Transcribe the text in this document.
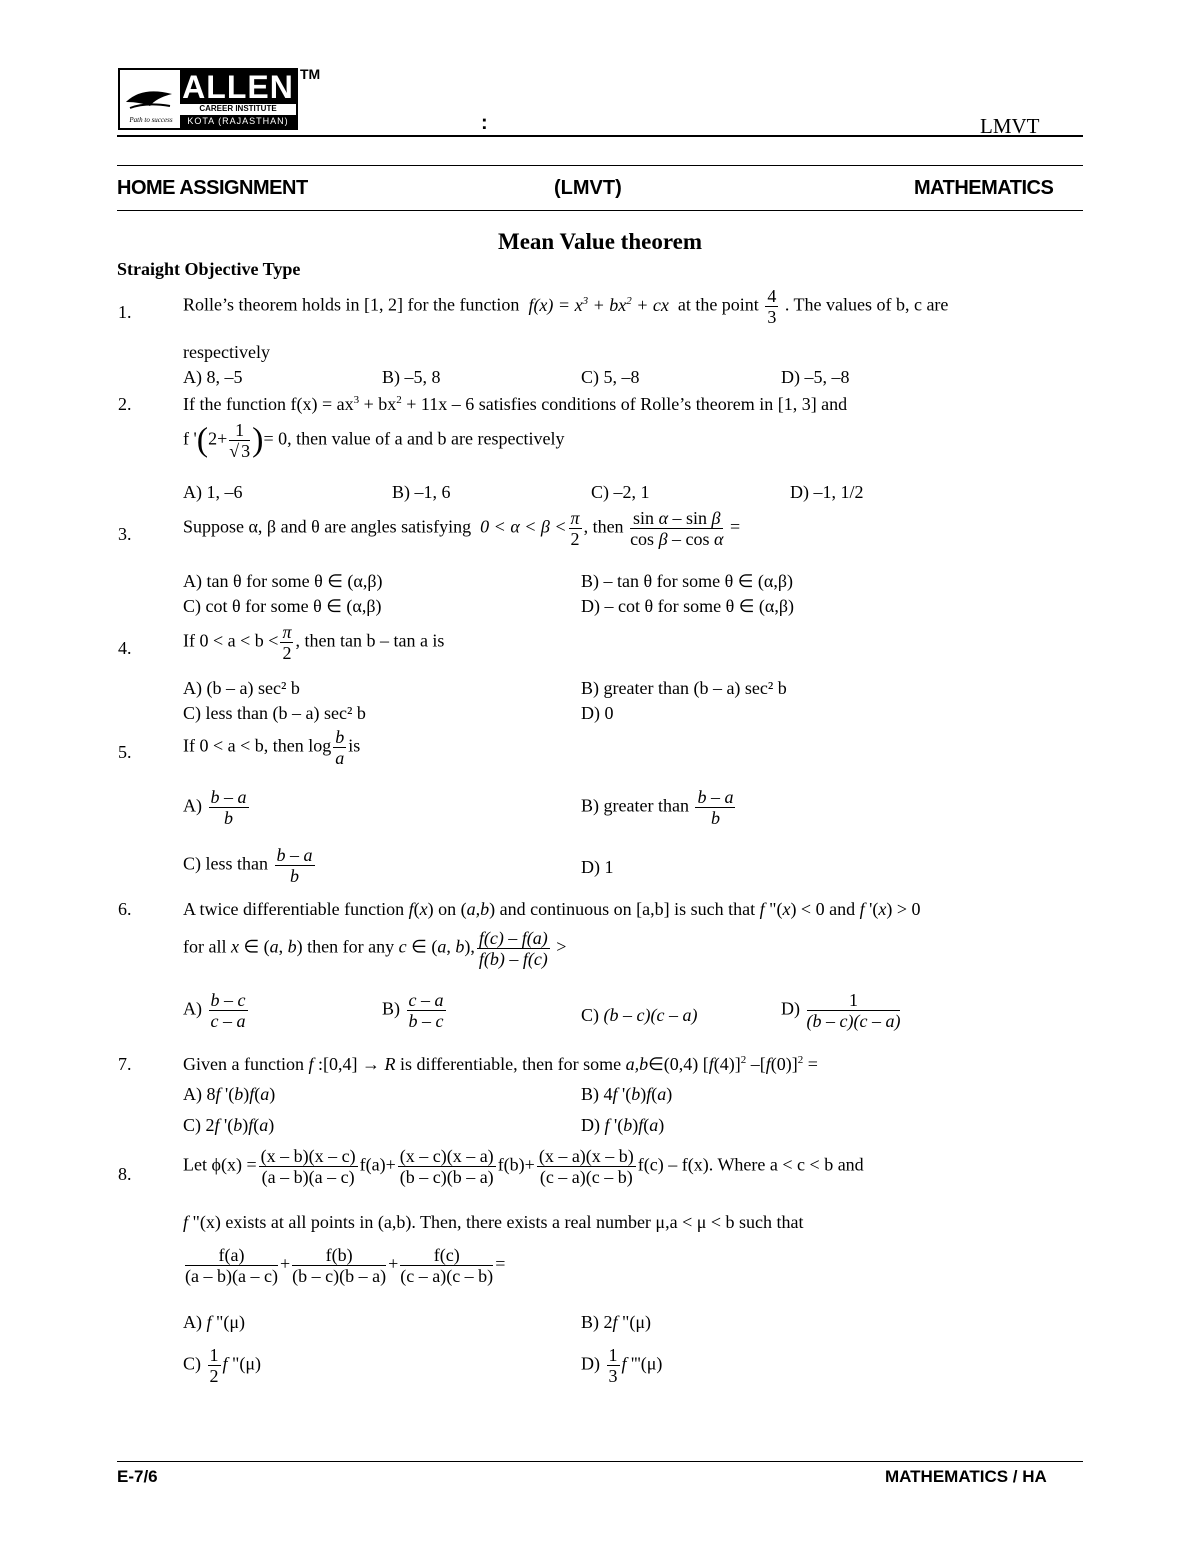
ALLEN
CAREER INSTITUTE
KOTA (RAJASTHAN)
Path to success
TM
:	LMVT
HOME ASSIGNMENT	(LMVT)	MATHEMATICS
Mean Value theorem
Straight Objective Type
1.	Rolle’s theorem holds in [1, 2] for the function  $f(x) = x^3 + bx^2$ + cx  at the point $\frac{4}{3}$ . The values of b, c are
respectively
A) 8, –5	B) –5, 8	C) 5, –8	D) –5, –8
2.	If the function $f(x) = ax^3 + bx^2 + 11x - 6$ satisfies conditions of Rolle’s theorem in [1, 3] and
f '($2+ \frac{1}{√ 3}$ )= 0, then value of a and b are respectively
A) 1, –6	B) –1, 6	C) –2, 1	D) –1, 1/2
3.	Suppose α, β and θ are angles satisfying  $0 < \alpha < \beta < \frac{\pi}{2}$ , then $\frac{\text{sin α – sin β}}{\text{cos β – cos α}}$ =
A) tan θ for some θ ∈ (α,β)	B) – tan θ for some θ ∈ (α,β)
C) cot θ for some θ ∈ (α,β)	D) – cot θ for some θ ∈ (α,β)
4.	If $0 < a < b < \frac{\pi}{2}$ , then tan b – tan a is
A) (b – a) sec² b	B) greater than (b – a) sec² b
C) less than (b – a) sec² b	D) 0
5.	If 0 < a < b, then $\log \frac{b}{a}$ is
$A) \frac{b - a}{b}$	B) greater than $\frac{b - a}{b}$
C) less than $\frac{b - a}{b}$	D) 1
6.	A twice differentiable function f(x) on (a,b) and continuous on [a,b] is such that f "(x) < 0 and f '(x) > 0
for all x ∈ (a, b) then for any c ∈ (a, b), $\frac{f(c) - f(a)}{f(b) - f(c)}$ >
$A) \frac{b - c}{c - a}$	$B) \frac{c - a}{b - c}$	C) (b – c)(c – a)	$D) \frac{1}{(b - c)(c - a)}$
7.	Given a function f :[0,4] → R is differentiable, then for some a,b∈(0,4) $[f(4)]^2$ $-[f(0)]^2$ =
A) 8f '(b)f(a)	B) 4f '(b)f(a)
C) 2f '(b)f(a)	D) f '(b)f(a)
8.	Let $\phi(x) = \frac{(x - b)(x - c)}{(a - b)(a - c)} f(a)+ \frac{(x - c)(x - a)}{(b - c)(b - a)} f(b)+ \frac{(x - a)(x - b)}{(c - a)(c - b)} f(c) - f(x)$. Where a < c < b and
f "(x) exists at all points in (a,b). Then, there exists a real number μ,a < μ < b such that
$\frac{f(a)}{(a - b)(a - c)} + \frac{f(b)}{(b - c)(b - a)} + \frac{f(c)}{(c - a)(c - b)}$ =
A) f "(μ)	B) 2f "(μ)
$C) \frac{1}{2}$ f "(μ)	$D) \frac{1}{3}$ f '''(μ)
E-7/6	MATHEMATICS / HA
